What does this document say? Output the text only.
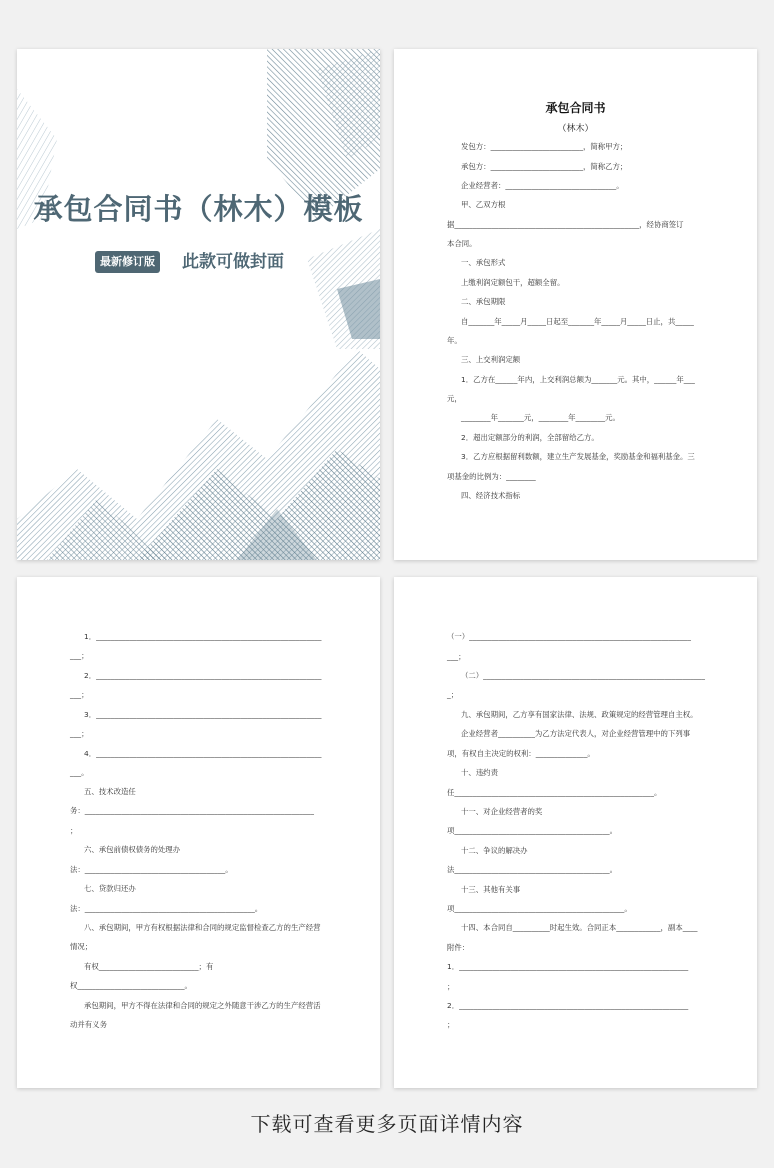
承包合同书（林木）模板
最新修订版 此款可做封面
承包合同书
（林木）
发包方：_________________________，简称甲方；
承包方：_________________________，简称乙方；
企业经营者：______________________________。
甲、乙双方根
据__________________________________________________，经协商签订
本合同。
一、承包形式
上缴利润定额包干，超额全留。
二、承包期限
自_______年_____月_____日起至_______年_____月_____日止，共_____
年。
三、上交利润定额
1．乙方在______年内，上交利润总额为_______元。其中，______年___
元，
________年_______元，________年________元。
2．超出定额部分的利润，全部留给乙方。
3．乙方应根据留利数额，建立生产发展基金，奖励基金和福利基金。三
项基金的比例为：________
四、经济技术指标
1．_____________________________________________________________
___；
2．_____________________________________________________________
___；
3．_____________________________________________________________
___；
4．_____________________________________________________________
___。
五、技术改造任
务：______________________________________________________________
；
六、承包前债权债务的处理办
法：______________________________________。
七、贷款归还办
法：______________________________________________。
八、承包期间，甲方有权根据法律和合同的规定监督检查乙方的生产经营
情况；
有权___________________________；有
权_____________________________。
承包期间，甲方不得在法律和合同的规定之外随意干涉乙方的生产经营活
动并有义务
（一）____________________________________________________________
___；
（二）____________________________________________________________
_；
九、承包期间，乙方享有国家法律、法规、政策规定的经营管理自主权。
企业经营者__________为乙方法定代表人，对企业经营管理中的下列事
项，有权自主决定的权利：______________。
十、违约责
任______________________________________________________。
十一、对企业经营者的奖
项__________________________________________。
十二、争议的解决办
法__________________________________________。
十三、其他有关事
项______________________________________________。
十四、本合同自__________时起生效。合同正本____________，副本____
附件：
1．______________________________________________________________
；
2．______________________________________________________________
；
下载可查看更多页面详情内容
